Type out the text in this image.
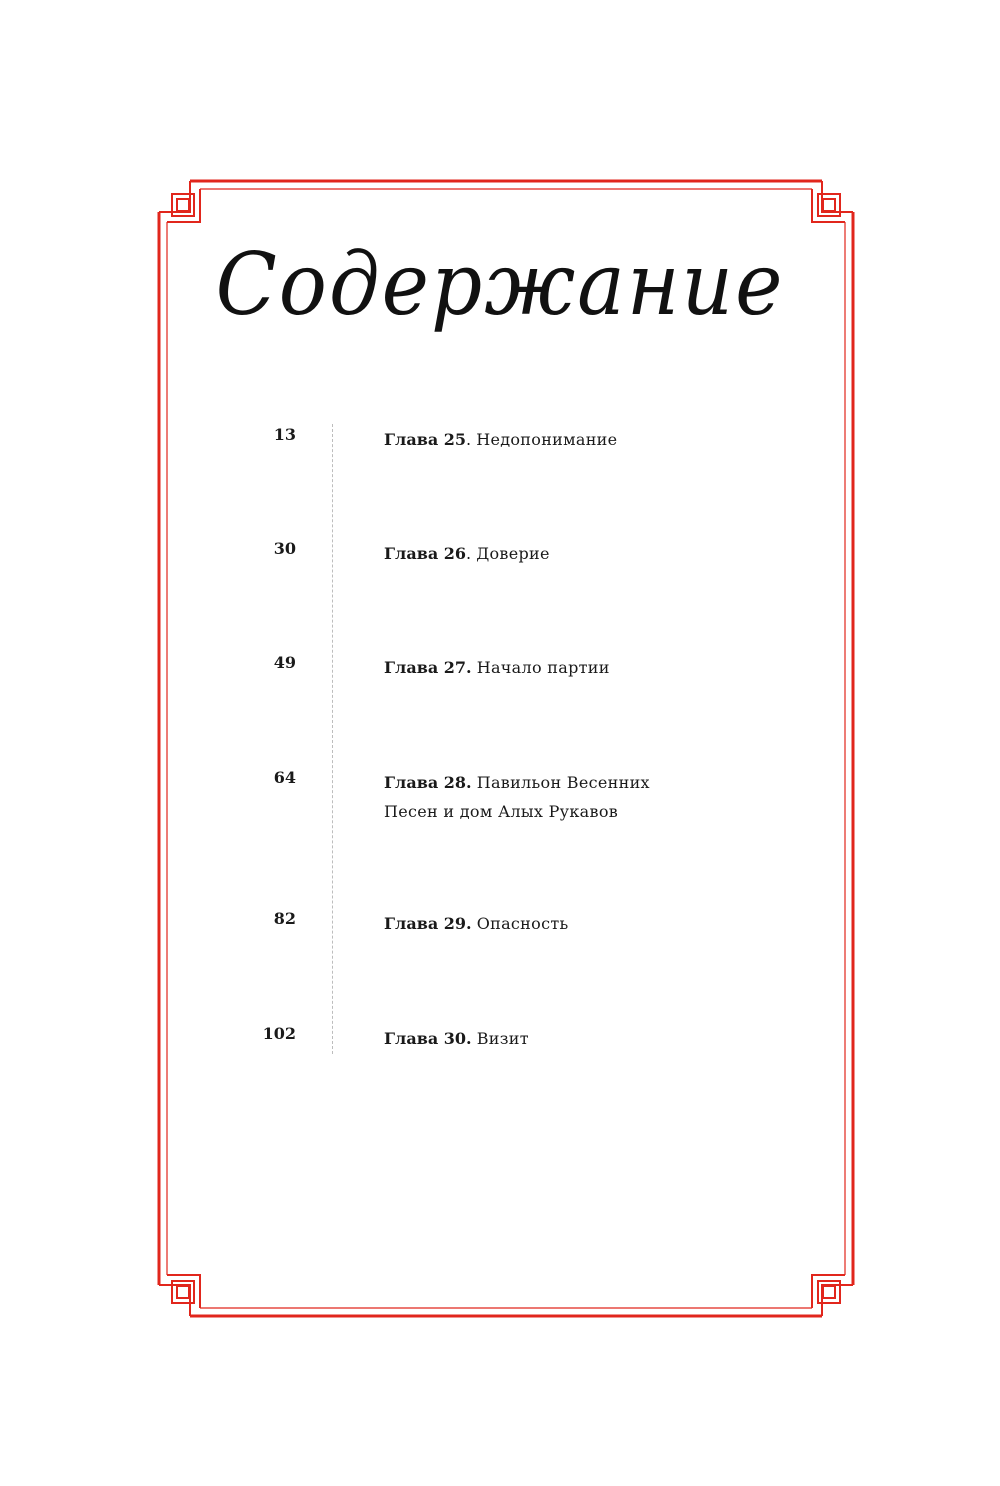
Содержание
13	Глава 25. Недопонимание
30	Глава 26. Доверие
49	Глава 27. Начало партии
64	Глава 28. Павильон Весенних Песен и дом Алых Рукавов
82	Глава 29. Опасность
102	Глава 30. Визит
